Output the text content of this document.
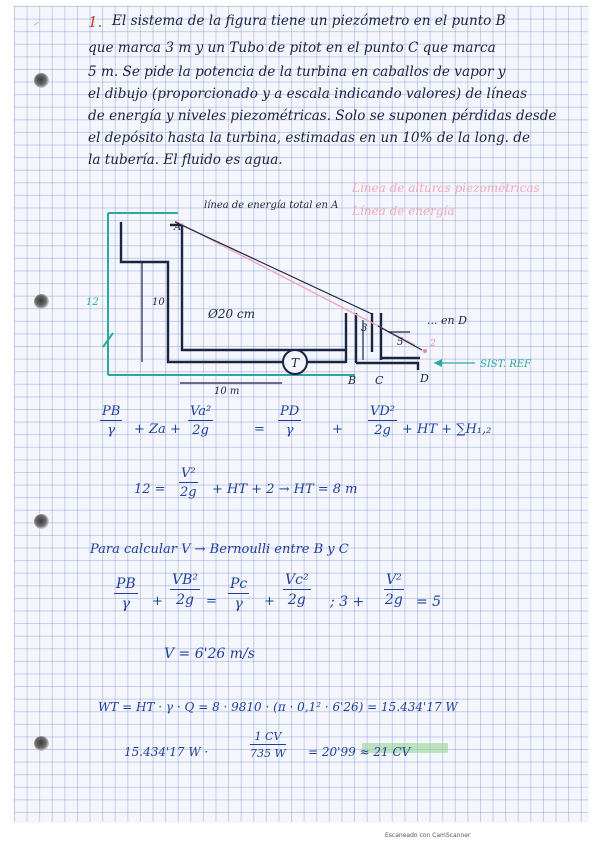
⸝	1. El sistema de la figura tiene un piezómetro en el punto B
que marca 3 m y un Tubo de pitot en el punto C que marca
5 m. Se pide la potencia de la turbina en caballos de vapor y
el dibujo (proporcionado y a escala indicando valores) de líneas
de energía y niveles piezométricas. Solo se suponen pérdidas desde
el depósito hasta la turbina, estimadas en un 10% de la long. de
la tubería. El fluido es agua.
Línea de alturas piezométricas
Línea de energía
T
línea de energía total en A
A
12	10
Ø20 cm
10 m
B C	D
3
5	2
... en D
SIST. REF
PB
γ	+ Za +
Va²
2g	=
PD
γ	+
VD²
2g + HT + ∑H₁,₂
12 =
V²
2g + HT + 2 → HT = 8 m
Para calcular V → Bernoulli entre B y C
PB
γ	+
VB²
2g =
Pc
γ	+
Vc²
2g	; 3 +
V²
2g = 5
V = 6'26 m/s
WT = HT · γ · Q = 8 · 9810 · (π · 0,1² · 6'26) = 15.434'17 W
15.434'17 W ·
1 CV
735 W = 20'99 ≈ 21 CV
Escaneado con CamScanner
